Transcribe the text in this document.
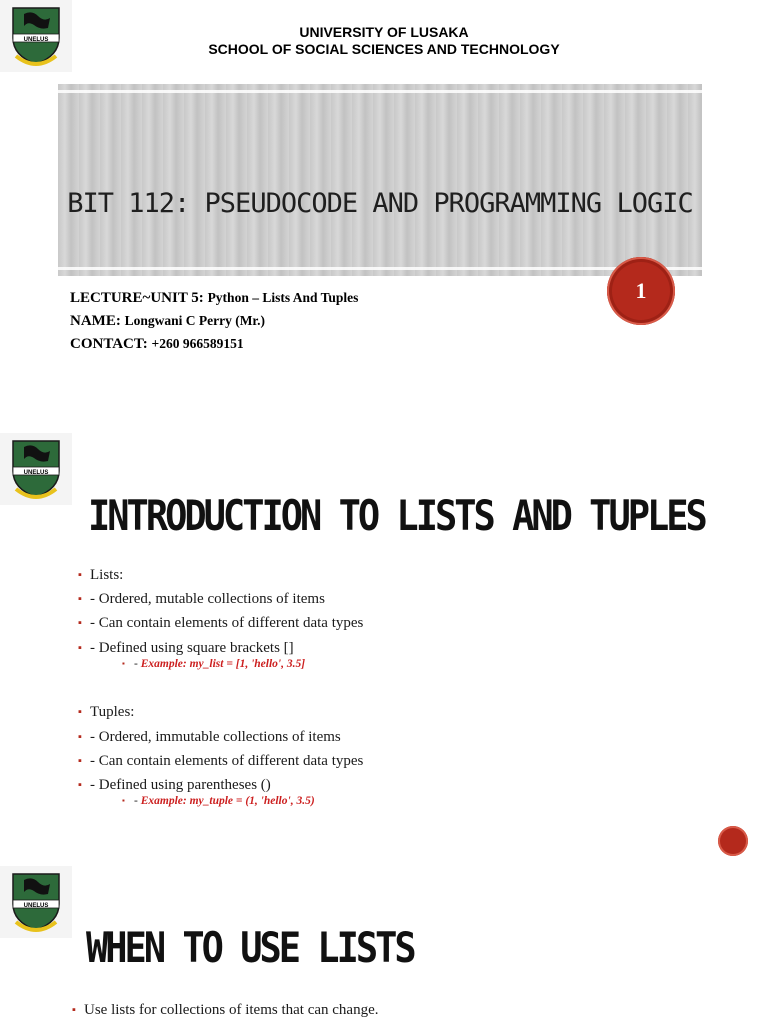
UNELUS	UNIVERSITY OF LUSAKA
SCHOOL OF SOCIAL SCIENCES AND TECHNOLOGY
BIT 112: PSEUDOCODE AND PROGRAMMING LOGIC
LECTURE~UNIT 5: Python – Lists And Tuples
NAME: Longwani C Perry (Mr.)
CONTACT: +260 966589151
1
UNELUS
INTRODUCTION TO LISTS AND TUPLES
▪ Lists:
▪ - Ordered, mutable collections of items
▪ - Can contain elements of different data types
▪ - Defined using square brackets []
▪ - Example: my_list = [1, 'hello', 3.5]
▪ Tuples:
▪ - Ordered, immutable collections of items
▪ - Can contain elements of different data types
▪ - Defined using parentheses ()
▪ - Example: my_tuple = (1, 'hello', 3.5)
UNELUS
WHEN TO USE LISTS
▪ Use lists for collections of items that can change.
